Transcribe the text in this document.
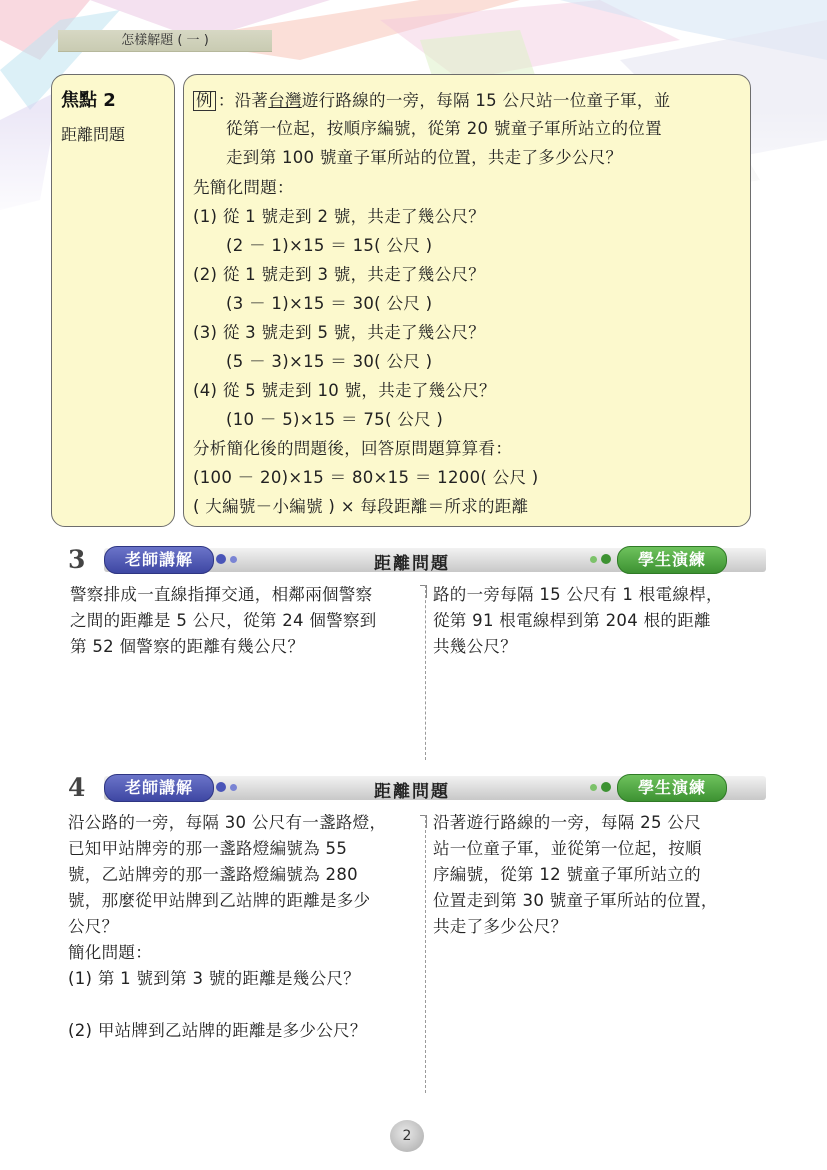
怎樣解題 ( 一 )
焦點 2
距離問題
例 ：沿著台灣遊行路線的一旁，每隔 15 公尺站一位童子軍，並
從第一位起，按順序編號，從第 20 號童子軍所站立的位置
走到第 100 號童子軍所站的位置，共走了多少公尺？
先簡化問題：
(1) 從 1 號走到 2 號，共走了幾公尺？
(2 － 1)×15 ＝ 15( 公尺 )
(2) 從 1 號走到 3 號，共走了幾公尺？
(3 － 1)×15 ＝ 30( 公尺 )
(3) 從 3 號走到 5 號，共走了幾公尺？
(5 － 3)×15 ＝ 30( 公尺 )
(4) 從 5 號走到 10 號，共走了幾公尺？
(10 － 5)×15 ＝ 75( 公尺 )
分析簡化後的問題後，回答原問題算算看：
(100 － 20)×15 ＝ 80×15 ＝ 1200( 公尺 )
( 大編號－小編號 ) × 每段距離＝所求的距離
3	老師講解	距離問題	學生演練
警察排成一直線指揮交通，相鄰兩個警察
之間的距離是 5 公尺，從第 24 個警察到
第 52 個警察的距離有幾公尺？
路的一旁每隔 15 公尺有 1 根電線桿，
從第 91 根電線桿到第 204 根的距離
共幾公尺？
4	老師講解	距離問題	學生演練
沿公路的一旁，每隔 30 公尺有一盞路燈，
已知甲站牌旁的那一盞路燈編號為 55
號，乙站牌旁的那一盞路燈編號為 280
號，那麼從甲站牌到乙站牌的距離是多少
公尺？
簡化問題：
(1) 第 1 號到第 3 號的距離是幾公尺？
(2) 甲站牌到乙站牌的距離是多少公尺？
沿著遊行路線的一旁，每隔 25 公尺
站一位童子軍，並從第一位起，按順
序編號，從第 12 號童子軍所站立的
位置走到第 30 號童子軍所站的位置，
共走了多少公尺？
2
